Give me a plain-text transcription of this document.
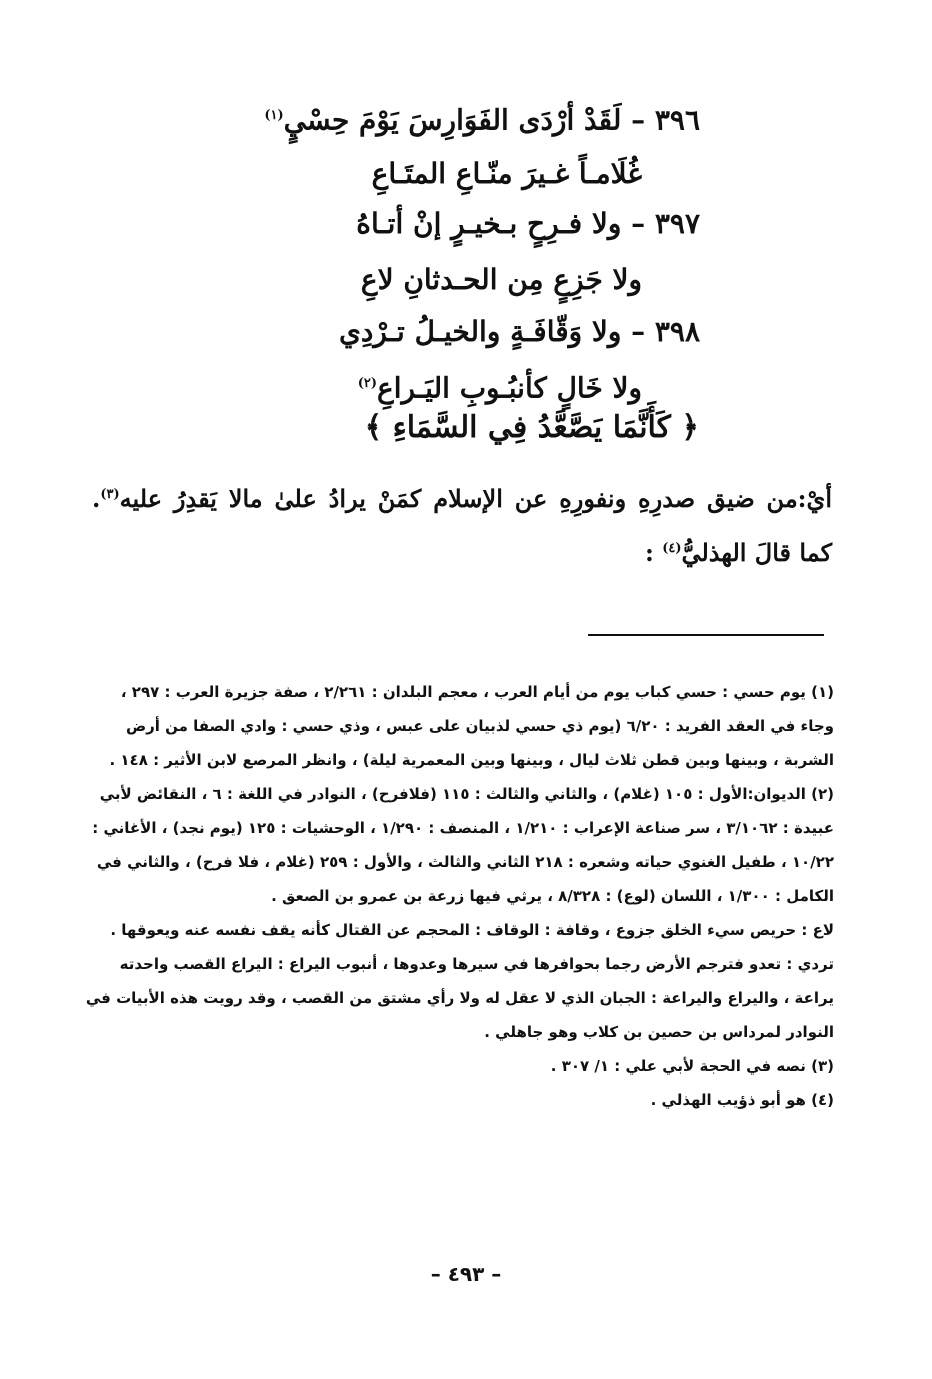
٣٩٦ – لَقَدْ أرْدَى الفَوَارِسَ يَوْمَ حِسْيٍ$^{(١)}$
غُلَامـاً غـيرَ منّـاعِ المتَـاعِ
٣٩٧ – ولا فـرِحٍ بـخيـرٍ إنْ أتـاهُ
ولا جَزِعٍ مِن الحـدثانِ لاعِ
٣٩٨ – ولا وَقّافَـةٍ والخيـلُ تـرْدِي
ولا خَالٍ كأنبُـوبِ اليَـراعِ$^{(٢)}$
﴿ كَأَنَّمَا يَصَّعَّدُ فِي السَّمَاءِ ﴾
أيْ:من ضيق صدرِهِ ونفورِهِ عن الإسلام كمَنْ يرادُ علىٰ مالا يَقدِرُ عليه$^{(٣)}$. كما قالَ الهذليُّ$^{(٤)}$ :

(١) يوم حسي : حسي كباب يوم من أيام العرب ، معجم البلدان : ٢/٢٦١ ، صفة جزيرة العرب : ٢٩٧ ، وجاء في العقد الفريد : ٦/٢٠ (يوم ذي حسي لذبيان على عبس ، وذي حسي : وادي الصفا من أرض الشربة ، وبينها وبين قطن ثلاث ليال ، وبينها وبين المعمرية ليلة) ، وانظر المرصع لابن الأثير : ١٤٨ .

(٢) الديوان:الأول : ١٠٥ (غلام) ، والثاني والثالث : ١١٥ (فلافرح) ، النوادر في اللغة : ٦ ، النقائض لأبي عبيدة : ٣/١٠٦٢ ، سر صناعة الإعراب : ١/٢١٠ ، المنصف : ١/٢٩٠ ، الوحشيات : ١٢٥ (يوم نجد) ، الأغاني : ١٠/٢٢ ، طفيل الغنوي حياته وشعره : ٢١٨ الثاني والثالث ، والأول : ٢٥٩ (غلام ، فلا فرح) ، والثاني في الكامل : ١/٣٠٠ ، اللسان (لوع) : ٨/٣٢٨ ، يرثي فيها زرعة بن عمرو بن الصعق .

لاع : حريص سيء الخلق جزوع ، وقافة : الوقاف : المحجم عن القتال كأنه يقف نفسه عنه ويعوقها .

تردي : تعدو فترجم الأرض رجما بحوافرها في سيرها وعدوها ، أنبوب اليراع : اليراع القصب واحدته يراعة ، واليراع واليراعة : الجبان الذي لا عقل له ولا رأي مشتق من القصب ، وقد رويت هذه الأبيات في النوادر لمرداس بن حصين بن كلاب وهو جاهلي .

(٣) نصه في الحجة لأبي علي : ١/ ٣٠٧ .

(٤) هو أبو ذؤيب الهذلي .

– ٤٩٣ –
